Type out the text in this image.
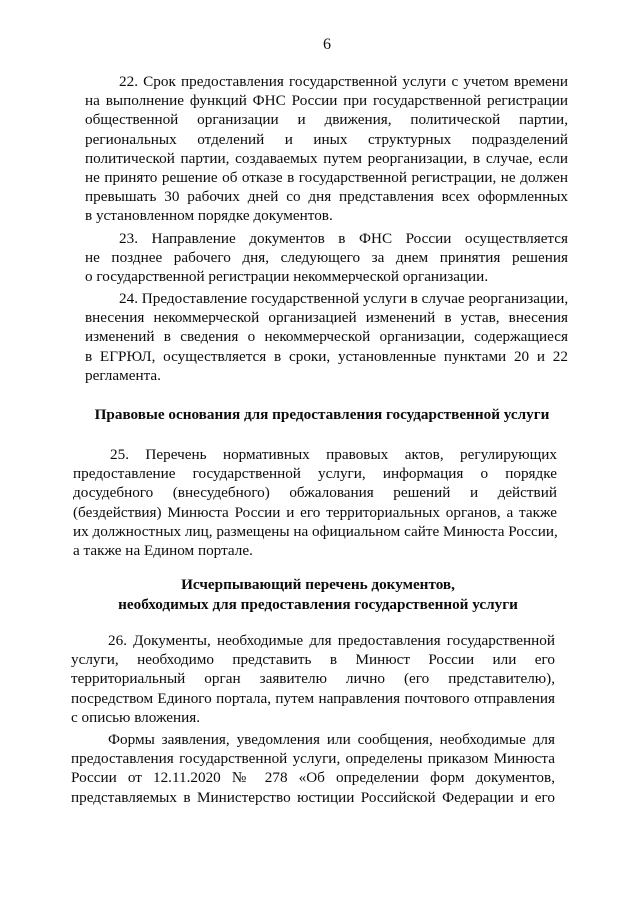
6
22. Срок предоставления государственной услуги с учетом времени
на выполнение функций ФНС России при государственной регистрации
общественной организации и движения, политической партии,
региональных отделений и иных структурных подразделений
политической партии, создаваемых путем реорганизации, в случае, если
не принято решение об отказе в государственной регистрации, не должен
превышать 30 рабочих дней со дня представления всех оформленных
в установленном порядке документов.
23. Направление документов в ФНС России осуществляется
не позднее рабочего дня, следующего за днем принятия решения
о государственной регистрации некоммерческой организации.
24. Предоставление государственной услуги в случае реорганизации,
внесения некоммерческой организацией изменений в устав, внесения
изменений в сведения о некоммерческой организации, содержащиеся
в ЕГРЮЛ, осуществляется в сроки, установленные пунктами 20 и 22
регламента.
Правовые основания для предоставления государственной услуги
25. Перечень нормативных правовых актов, регулирующих
предоставление государственной услуги, информация о порядке
досудебного (внесудебного) обжалования решений и действий
(бездействия) Минюста России и его территориальных органов, а также
их должностных лиц, размещены на официальном сайте Минюста России,
а также на Едином портале.
Исчерпывающий перечень документов,
необходимых для предоставления государственной услуги
26. Документы, необходимые для предоставления государственной
услуги, необходимо представить в Минюст России или его
территориальный орган заявителю лично (его представителю),
посредством Единого портала, путем направления почтового отправления
с описью вложения.
Формы заявления, уведомления или сообщения, необходимые для
предоставления государственной услуги, определены приказом Минюста
России от 12.11.2020 № 278 «Об определении форм документов,
представляемых в Министерство юстиции Российской Федерации и его
